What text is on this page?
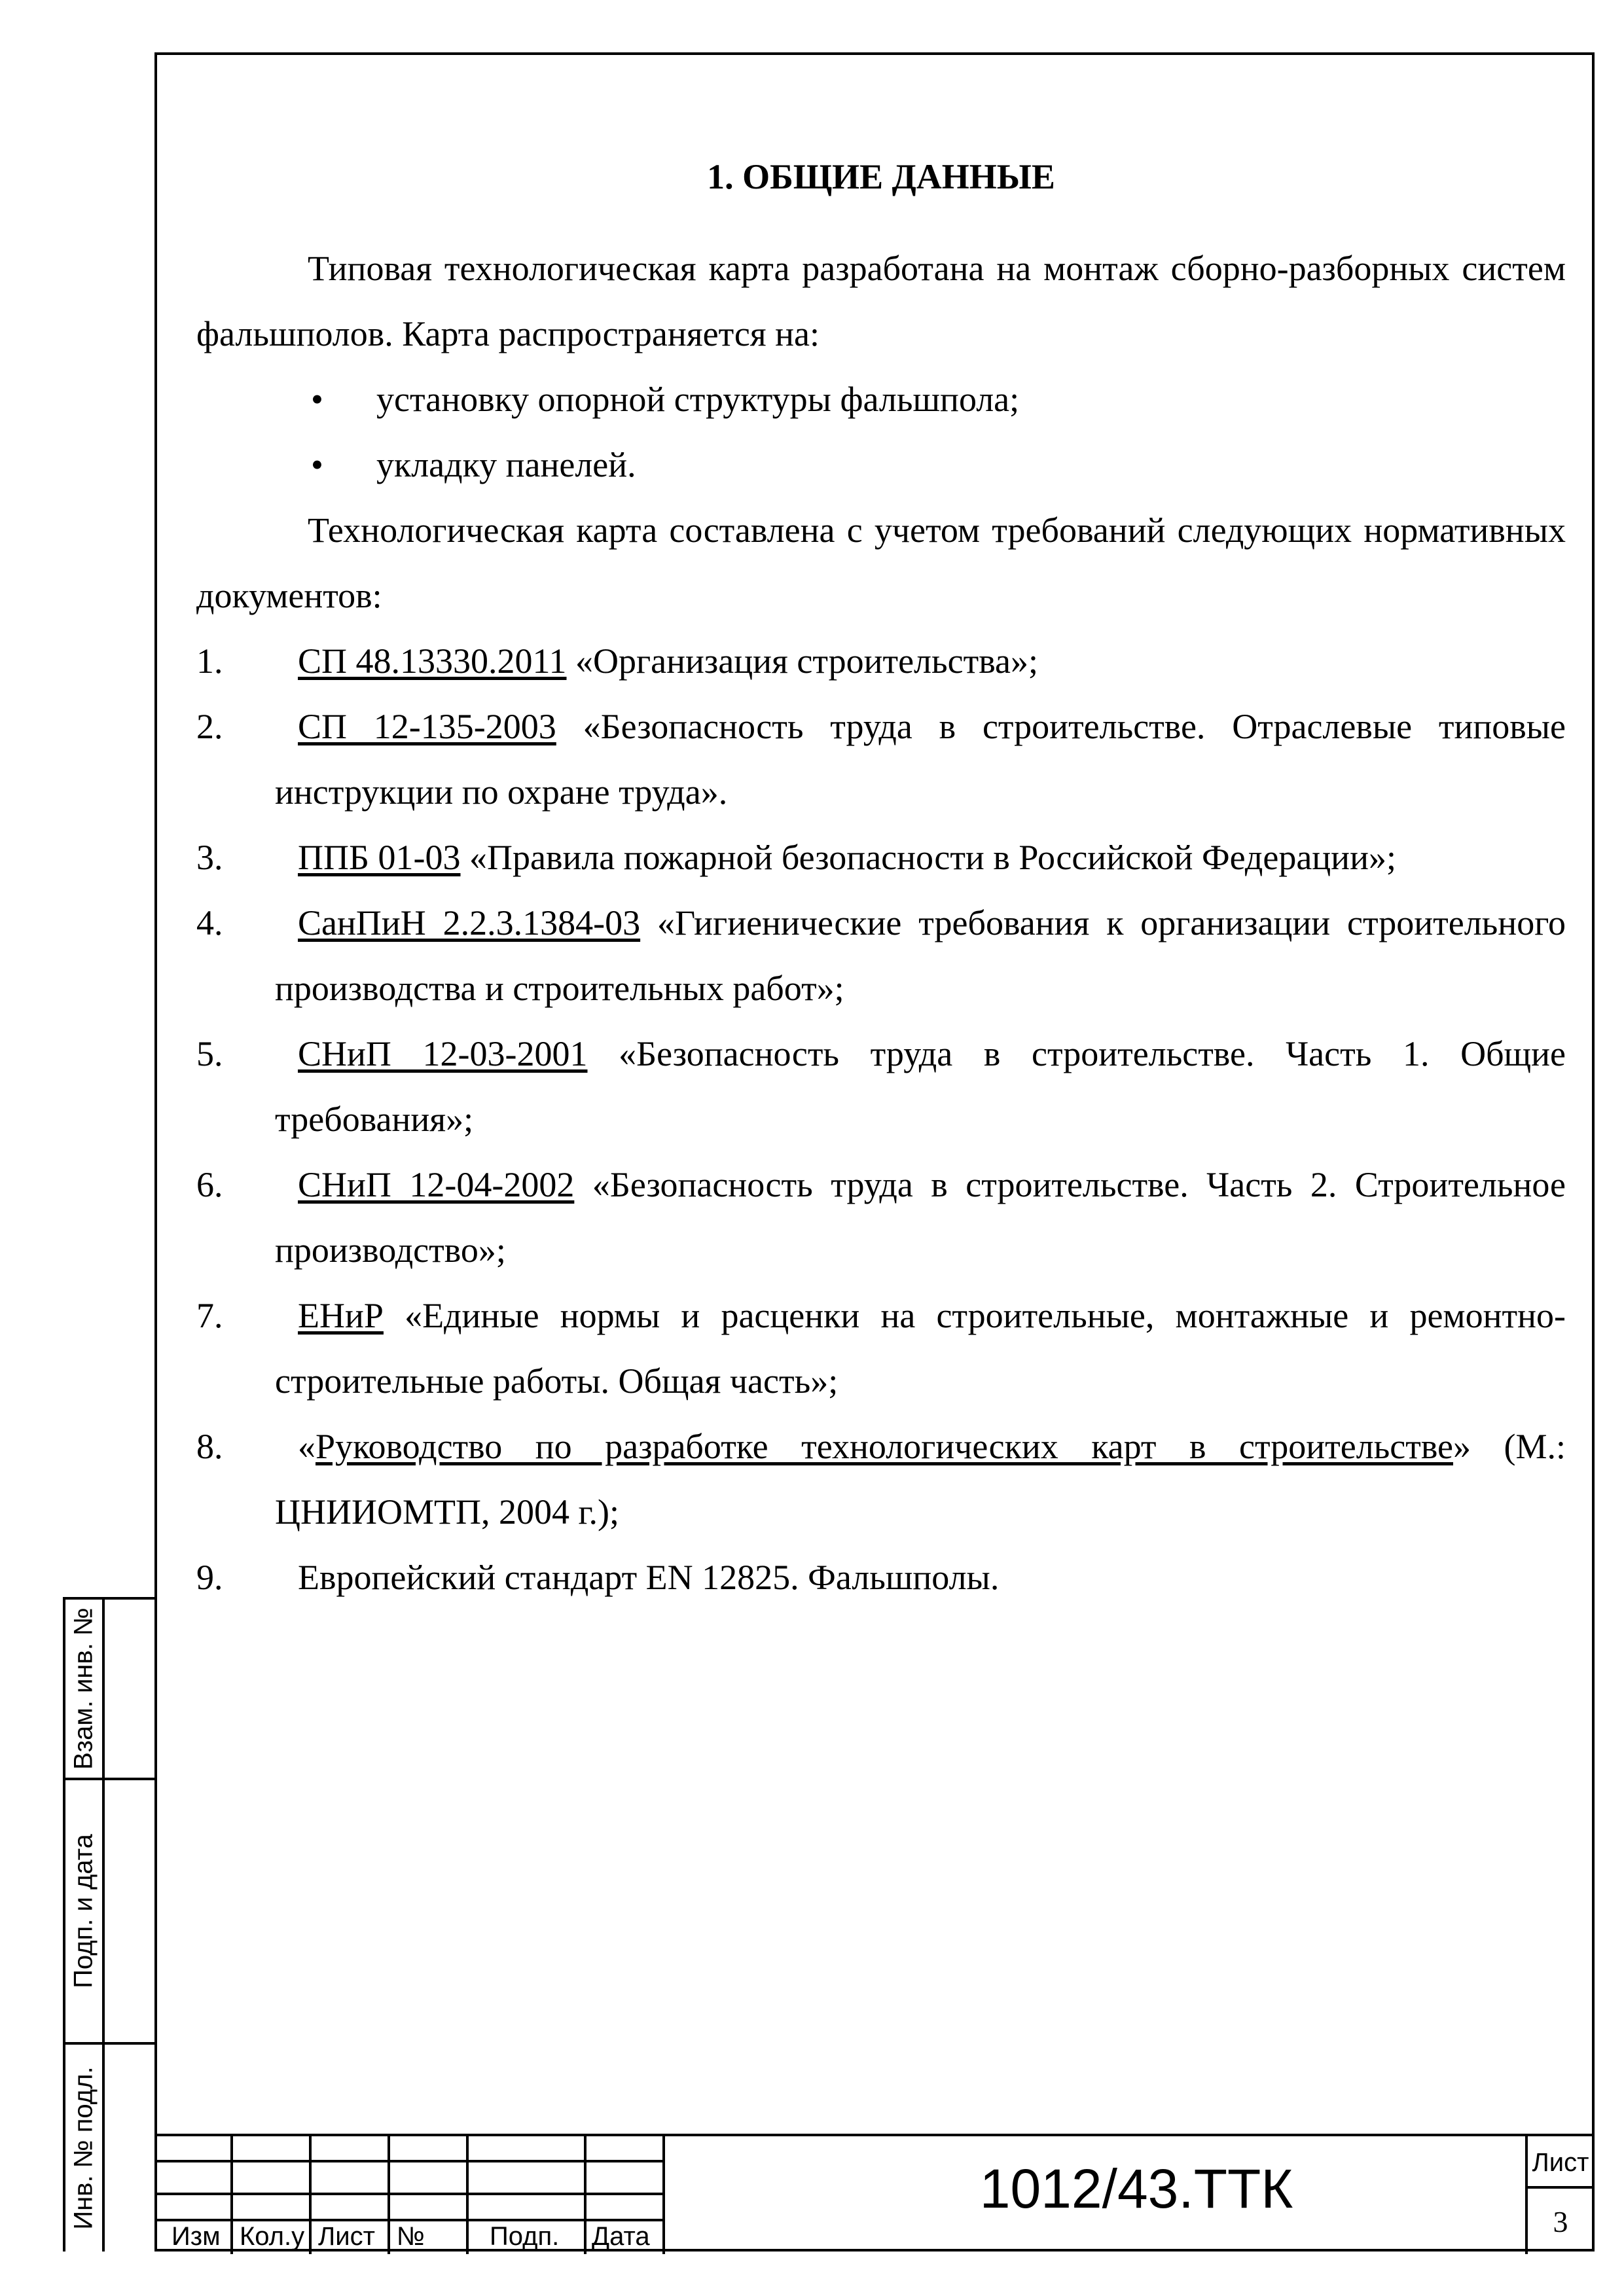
1. ОБЩИЕ ДАННЫЕ
Типовая технологическая карта разработана на монтаж сборно-разборных систем фальшполов. Карта распространяется на:
• установку опорной структуры фальшпола;
• укладку панелей.
Технологическая карта составлена с учетом требований следующих нормативных документов:
1. СП 48.13330.2011 «Организация строительства»;
2. СП 12-135-2003 «Безопасность труда в строительстве. Отраслевые типовые инструкции по охране труда».
3. ППБ 01-03 «Правила пожарной безопасности в Российской Федерации»;
4. СанПиН 2.2.3.1384-03 «Гигиенические требования к организации строительного производства и строительных работ»;
5. СНиП 12-03-2001 «Безопасность труда в строительстве. Часть 1. Общие требования»;
6. СНиП 12-04-2002 «Безопасность труда в строительстве. Часть 2. Строительное производство»;
7. ЕНиР «Единые нормы и расценки на строительные, монтажные и ремонтно-строительные работы. Общая часть»;
8. «Руководство по разработке технологических карт в строительстве» (М.: ЦНИИОМТП, 2004 г.);
9. Европейский стандарт EN 12825. Фальшполы.
Взам. инв. №
Подп. и дата
Инв. № подл.
Изм Кол.у Лист № Подп. Дата
1012/43.ТТК	Лист
3
